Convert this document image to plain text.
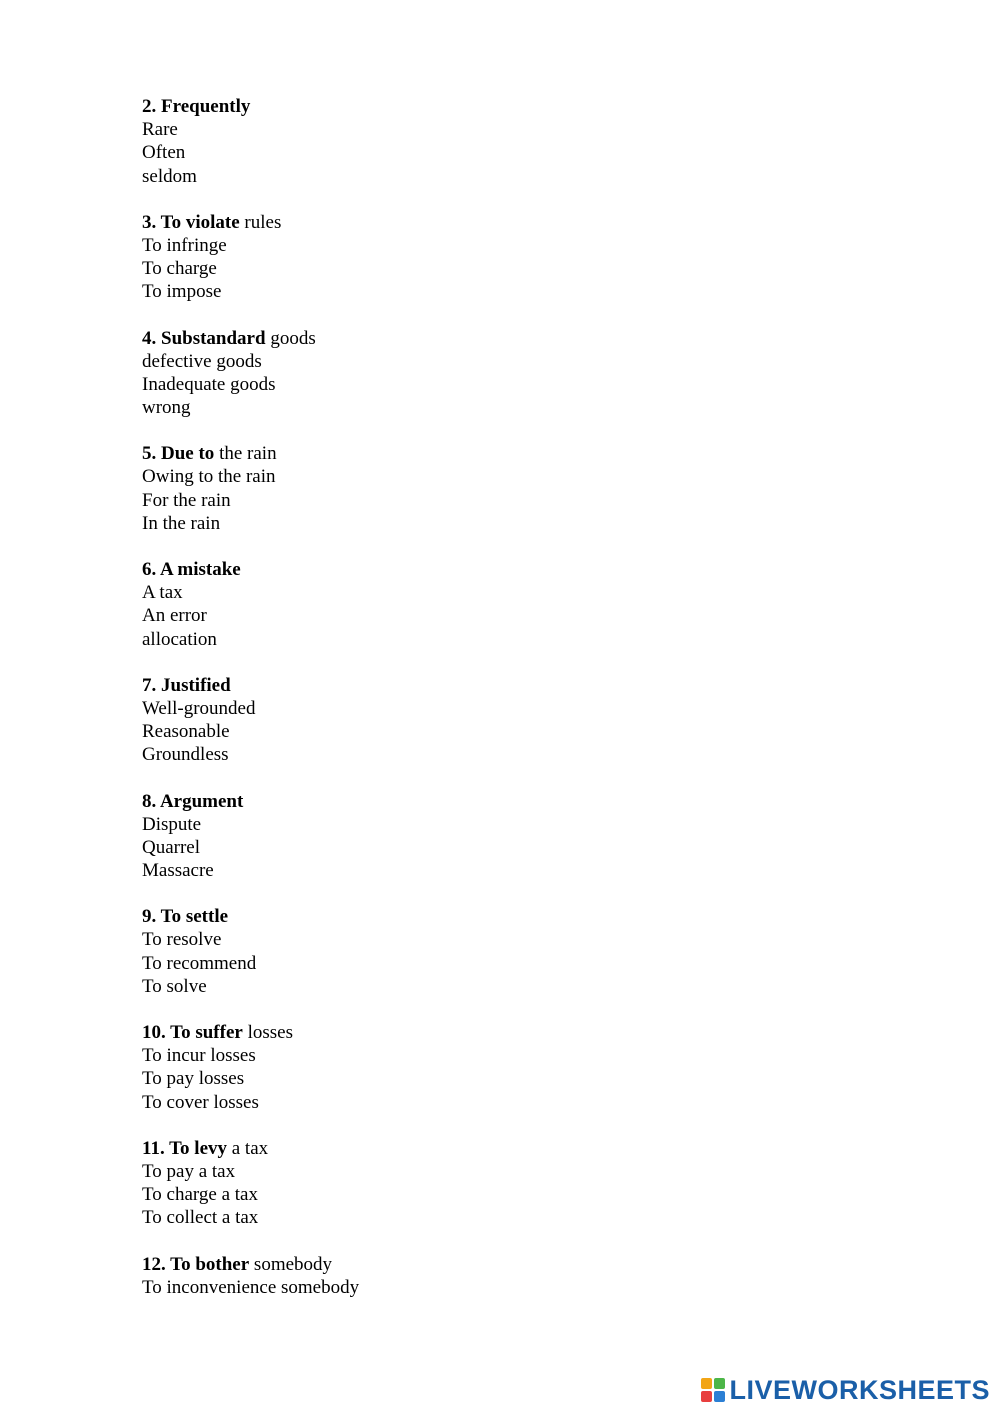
2. Frequently
Rare
Often
seldom
3. To violate rules
To infringe
To charge
To impose
4. Substandard goods
defective goods
Inadequate goods
wrong
5. Due to the rain
Owing to the rain
For the rain
In the rain
6. A mistake
A tax
An error
allocation
7. Justified
Well-grounded
Reasonable
Groundless
8. Argument
Dispute
Quarrel
Massacre
9. To settle
To resolve
To recommend
To solve
10. To suffer losses
To incur losses
To pay losses
To cover losses
11. To levy a tax
To pay a tax
To charge a tax
To collect a tax
12. To bother somebody
To inconvenience somebody
LIVEWORKSHEETS
